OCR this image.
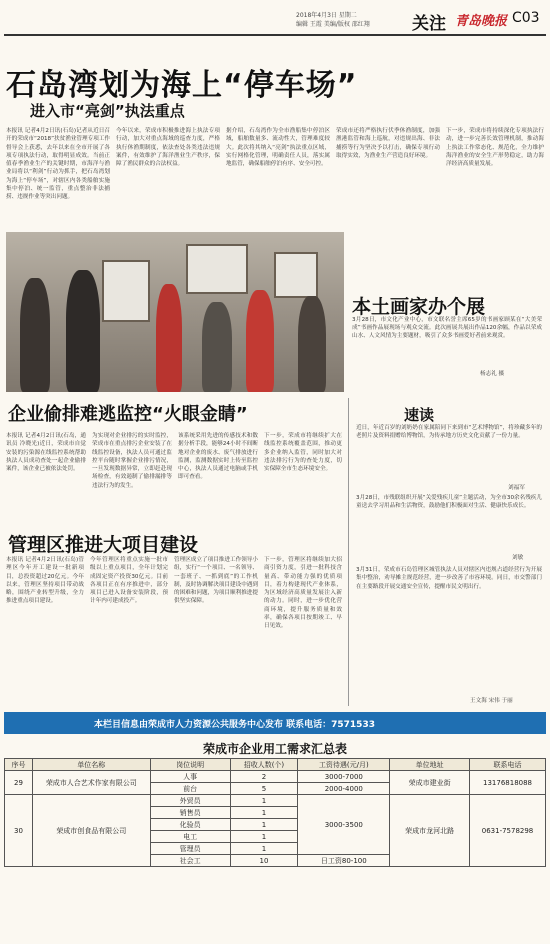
2018年4月3日 星期二
编辑 王霞 美编/版权 邵红翔 关注 青岛晚报 C03
石岛湾划为海上“停车场”
进入市“亮剑”执法重点
本报讯 记者4月2日讯(石岛)记者从近日召开的荣成市“2018”扶贫渔业管理专项工作督导会上获悉，去年以来在全市开展了各项专项执法行动，取得明显成效。当前正值春季渔业生产的关键时期，市海洋与渔业局将以“利剑”行动为抓手，把石岛湾划为海上“停车场”，对辖区内各类船舶实施集中停泊、统一监管，重点整治非法捕捞、违规作业等突出问题。
今年以来，荣成市积极推进海上执法专项行动，加大对重点海域的巡查力度，严格执行休渔期制度，依法查处各类违法违规案件，有效维护了海洋渔业生产秩序，保障了渔民群众的合法权益。
据介绍，石岛湾作为全市渔船集中停泊区域，船舶数量多、流动性大，管理难度较大。此次将其纳入“亮剑”执法重点区域，实行网格化管理，明确责任人员，落实属地监管，确保船舶停泊有序、安全可控。
荣成市还将严格执行伏季休渔制度，加强渔港监管和海上巡航，对违规出海、非法捕捞等行为坚决予以打击，确保专项行动取得实效，为渔业生产营造良好环境。
下一步，荣成市将持续深化专项执法行动，进一步完善长效管理机制，推动海上执法工作常态化、规范化，全力维护海洋渔业的安全生产形势稳定，助力海洋经济高质量发展。
本土画家办个展
3月28日，市文化产业中心，市文联名誉主席65岁的书画家顾某在“大美荣成”书画作品展现场与观众交流。此次画展共展出作品120余幅，作品以荣成山水、人文风情为主要题材，吸引了众多书画爱好者前来观赏。
杨志礼 摄
企业偷排难逃监控“火眼金睛”
本报讯 记者4月2日讯(石岛，通讯员 冷晓光)近日，荣成市自觉安装的污染源在线监控系统帮助执法人员成功查处一起企业偷排案件，该企业已被依法处罚。
为实现对企业排污的实时监控，荣成市在重点排污企业安装了在线监控设备，执法人员可通过监控平台随时掌握企业排污情况，一旦发现数据异常，立即赶赴现场检查，有效遏制了偷排漏排等违法行为的发生。
该系统采用先进的传感技术和数据分析手段，能够24小时不间断地对企业的废水、废气排放进行监测，监测数据实时上传至监控中心，执法人员通过电脑或手机即可查看。
下一步，荣成市将继续扩大在线监控系统覆盖范围，推动更多企业纳入监管，同时加大对违法排污行为的查处力度，切实保障全市生态环境安全。
速读
近日，年近百岁的刘奶奶在家属陪同下来到市“艺术博物馆”，将珍藏多年的老照片及资料捐赠给博物馆，为传承地方历史文化贡献了一份力量。
刘福军
3月28日，市残联组织开展“关爱残疾儿童”主题活动，为全市30余名残疾儿童送去学习用品和生活物资，鼓励他们积极面对生活、健康快乐成长。
刘敏
3月31日，荣成市石岛管理区城管执法人员对辖区内违规占道经营行为开展集中整治，劝导摊主规范经营，进一步改善了市容环境。同日，市交警部门在主要路段开展交通安全宣传，提醒市民文明出行。
王文海 宋伟 于丽
管理区推进大项目建设
本报讯 记者4月2日讯(石岛)管理区今年开工建设一批新项目，总投资超过20亿元。今年以来，管理区坚持项目带动战略，围绕产业转型升级，全力推进重点项目建设。
今年管理区将重点实施一批市级以上重点项目，全年计划完成固定资产投资30亿元。目前各项目正在有序推进中，部分项目已进入设备安装阶段，预计年内可建成投产。
管理区成立了项目推进工作领导小组，实行“一个项目、一名领导、一套班子、一抓到底”的工作机制，及时协调解决项目建设中遇到的困难和问题，为项目顺利推进提供坚实保障。
下一步，管理区将继续加大招商引资力度，引进一批科技含量高、带动能力强的优质项目，着力构建现代产业体系，为区域经济高质量发展注入新的动力。同时，进一步优化营商环境，提升服务质量和效率，确保各项目按期竣工、早日见效。
本栏目信息由荣成市人力资源公共服务中心发布 联系电话：7571533
荣成市企业用工需求汇总表
序号	单位名称	岗位说明	招收人数(个)	工资待遇(元/月)	单位地址	联系电话
29	荣成市人合艺术作家有限公司	人事	2	3000-7000	荣成市建业街	13176818088
		前台	5	2000-4000		
30	荣成市创食品有限公司	外贸员	1	3000-3500	荣成市龙河北路	0631-7578298
		销售员	1			
		化验员	1			
		电工	1			
		管理员	1			
		社会工	10	日工资80-100		
